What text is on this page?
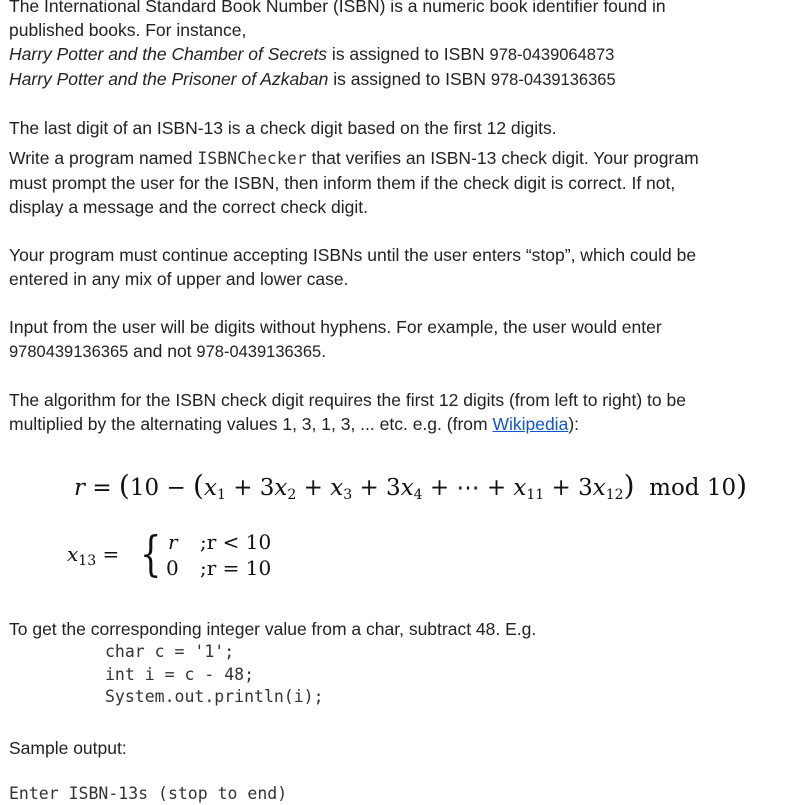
The International Standard Book Number (ISBN) is a numeric book identifier found in

published books. For instance,

Harry Potter and the Chamber of Secrets is assigned to ISBN 978-0439064873

Harry Potter and the Prisoner of Azkaban is assigned to ISBN 978-0439136365

The last digit of an ISBN-13 is a check digit based on the first 12 digits.

Write a program named ISBNChecker that verifies an ISBN-13 check digit. Your program

must prompt the user for the ISBN, then inform them if the check digit is correct. If not,

display a message and the correct check digit.

Your program must continue accepting ISBNs until the user enters “stop”, which could be

entered in any mix of upper and lower case.

Input from the user will be digits without hyphens. For example, the user would enter

9780439136365 and not 978-0439136365.

The algorithm for the ISBN check digit requires the first 12 digits (from left to right) to be

multiplied by the alternating values 1, 3, 1, 3, ... etc. e.g. (from Wikipedia):

$r = (10 - (x_1 + 3x_2 + x_3 + 3x_4$ + ⋯ + $x_{11} + 3x_{12}$) mod 10)
$x_{13}$ = { r ;r < 10
0 ;r = 10

To get the corresponding integer value from a char, subtract 48. E.g.

char c = '1';
int i = c - 48;
System.out.println(i);
Sample output:
Enter ISBN-13s (stop to end)
